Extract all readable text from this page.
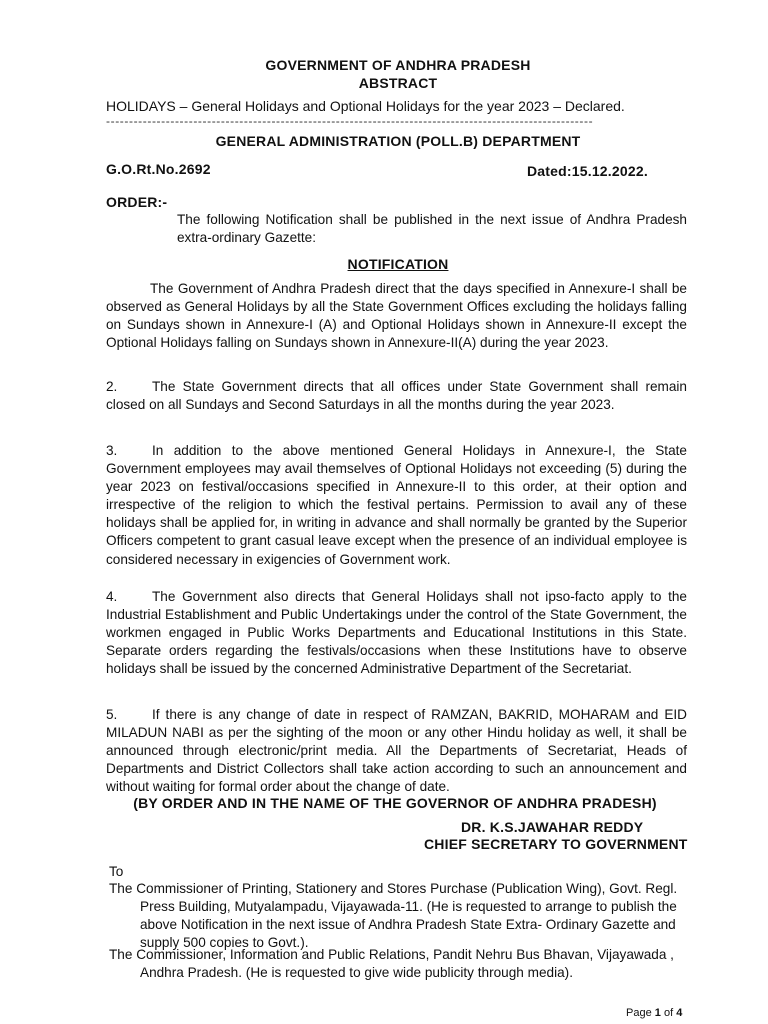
GOVERNMENT OF ANDHRA PRADESH
ABSTRACT
HOLIDAYS – General Holidays and Optional Holidays for the year 2023 – Declared.
----------------------------------------------------------------------------------------------------------
GENERAL ADMINISTRATION (POLL.B) DEPARTMENT
G.O.Rt.No.2692	Dated:15.12.2022.
ORDER:-
The following Notification shall be published in the next issue of Andhra Pradesh extra-ordinary Gazette:
NOTIFICATION
The Government of Andhra Pradesh direct that the days specified in Annexure-I shall be observed as General Holidays by all the State Government Offices excluding the holidays falling on Sundays shown in Annexure-I (A) and Optional Holidays shown in Annexure-II except the Optional Holidays falling on Sundays shown in Annexure-II(A) during the year 2023.
2.	The State Government directs that all offices under State Government shall remain closed on all Sundays and Second Saturdays in all the months during the year 2023.
3.	In addition to the above mentioned General Holidays in Annexure-I, the State Government employees may avail themselves of Optional Holidays not exceeding (5) during the year 2023 on festival/occasions specified in Annexure-II to this order, at their option and irrespective of the religion to which the festival pertains. Permission to avail any of these holidays shall be applied for, in writing in advance and shall normally be granted by the Superior Officers competent to grant casual leave except when the presence of an individual employee is considered necessary in exigencies of Government work.
4.	The Government also directs that General Holidays shall not ipso-facto apply to the Industrial Establishment and Public Undertakings under the control of the State Government, the workmen engaged in Public Works Departments and Educational Institutions in this State. Separate orders regarding the festivals/occasions when these Institutions have to observe holidays shall be issued by the concerned Administrative Department of the Secretariat.
5.	If there is any change of date in respect of RAMZAN, BAKRID, MOHARAM and EID MILADUN NABI as per the sighting of the moon or any other Hindu holiday as well, it shall be announced through electronic/print media. All the Departments of Secretariat, Heads of Departments and District Collectors shall take action according to such an announcement and without waiting for formal order about the change of date.
(BY ORDER AND IN THE NAME OF THE GOVERNOR OF ANDHRA PRADESH)
DR. K.S.JAWAHAR REDDY
CHIEF SECRETARY TO GOVERNMENT
To
The Commissioner of Printing, Stationery and Stores Purchase (Publication Wing), Govt. Regl. Press Building, Mutyalampadu, Vijayawada-11. (He is requested to arrange to publish the above Notification in the next issue of Andhra Pradesh State Extra- Ordinary Gazette and supply 500 copies to Govt.).
The Commissioner, Information and Public Relations, Pandit Nehru Bus Bhavan, Vijayawada , Andhra Pradesh. (He is requested to give wide publicity through media).
Page 1 of 4
